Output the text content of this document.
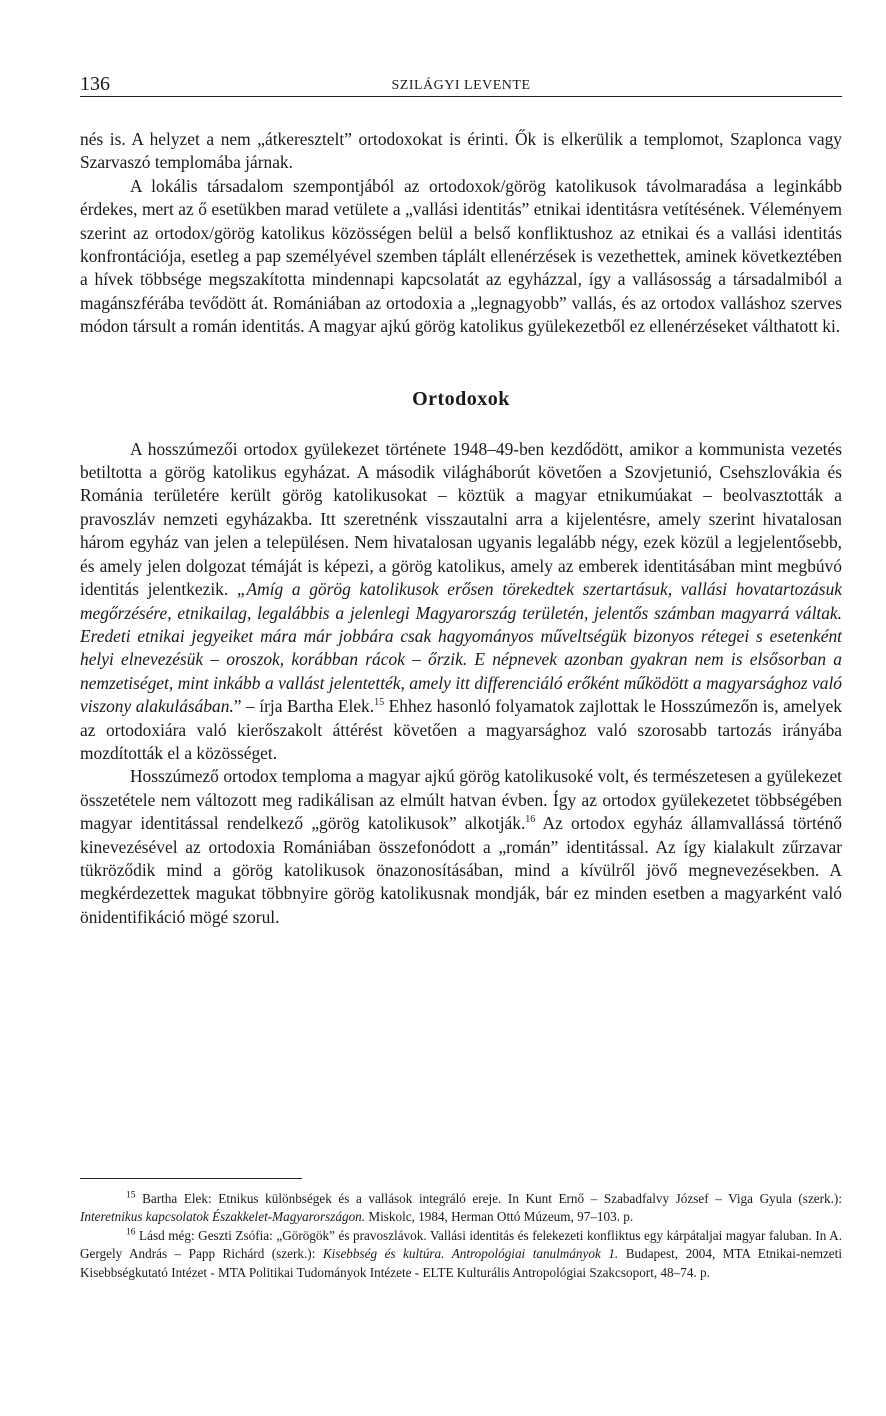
136	SZILÁGYI LEVENTE

nés is. A helyzet a nem „átkeresztelt” ortodoxokat is érinti. Ők is elkerülik a templomot, Szaplonca vagy Szarvaszó templomába járnak.

A lokális társadalom szempontjából az ortodoxok/görög katolikusok távolmaradása a leginkább érdekes, mert az ő esetükben marad vetülete a „vallási identitás” etnikai identitásra vetítésének. Véleményem szerint az ortodox/görög katolikus közösségen belül a belső konfliktushoz az etnikai és a vallási identitás konfrontációja, esetleg a pap személyével szemben táplált ellenérzések is vezethettek, aminek következtében a hívek többsége megszakította mindennapi kapcsolatát az egyházzal, így a vallásosság a társadalmiból a magánszférába tevődött át. Romániában az ortodoxia a „legnagyobb” vallás, és az ortodox valláshoz szerves módon társult a román identitás. A magyar ajkú görög katolikus gyülekezetből ez ellenérzéseket válthatott ki.

Ortodoxok

A hosszúmezői ortodox gyülekezet története 1948–49-ben kezdődött, amikor a kommunista vezetés betiltotta a görög katolikus egyházat. A második világháborút követően a Szovjetunió, Csehszlovákia és Románia területére került görög katolikusokat – köztük a magyar etnikumúakat – beolvasztották a pravoszláv nemzeti egyházakba. Itt szeretnénk visszautalni arra a kijelentésre, amely szerint hivatalosan három egyház van jelen a településen. Nem hivatalosan ugyanis legalább négy, ezek közül a legjelentősebb, és amely jelen dolgozat témáját is képezi, a görög katolikus, amely az emberek identitásában mint megbúvó identitás jelentkezik. „Amíg a görög katolikusok erősen törekedtek szertartásuk, vallási hovatartozásuk megőrzésére, etnikailag, legalábbis a jelenlegi Magyarország területén, jelentős számban magyarrá váltak. Eredeti etnikai jegyeiket mára már jobbára csak hagyományos műveltségük bizonyos rétegei s esetenként helyi elnevezésük – oroszok, korábban rácok – őrzik. E népnevek azonban gyakran nem is elsősorban a nemzetiséget, mint inkább a vallást jelentették, amely itt differenciáló erőként működött a magyarsághoz való viszony alakulásában.” – írja Bartha Elek.$^{15}$ Ehhez hasonló folyamatok zajlottak le Hosszúmezőn is, amelyek az ortodoxiára való kierőszakolt áttérést követően a magyarsághoz való szorosabb tartozás irányába mozdították el a közösséget.

Hosszúmező ortodox temploma a magyar ajkú görög katolikusoké volt, és természetesen a gyülekezet összetétele nem változott meg radikálisan az elmúlt hatvan évben. Így az ortodox gyülekezetet többségében magyar identitással rendelkező „görög katolikusok” alkotják.$^{16}$ Az ortodox egyház államvallássá történő kinevezésével az ortodoxia Romániában összefonódott a „román” identitással. Az így kialakult zűrzavar tükröződik mind a görög katolikusok önazonosításában, mind a kívülről jövő megnevezésekben. A megkérdezettek magukat többnyire görög katolikusnak mondják, bár ez minden esetben a magyarként való önidentifikáció mögé szorul.

$^{15}$ Bartha Elek: Etnikus különbségek és a vallások integráló ereje. In Kunt Ernő – Szabadfalvy József – Viga Gyula (szerk.): Interetnikus kapcsolatok Északkelet-Magyarországon. Miskolc, 1984, Herman Ottó Múzeum, 97–103. p.

$^{16}$ Lásd még: Geszti Zsófia: „Görögök” és pravoszlávok. Vallási identitás és felekezeti konfliktus egy kárpátaljai magyar faluban. In A. Gergely András – Papp Richárd (szerk.): Kisebbség és kultúra. Antropológiai tanulmányok 1. Budapest, 2004, MTA Etnikai-nemzeti Kisebbségkutató Intézet - MTA Politikai Tudományok Intézete - ELTE Kulturális Antropológiai Szakcsoport, 48–74. p.
